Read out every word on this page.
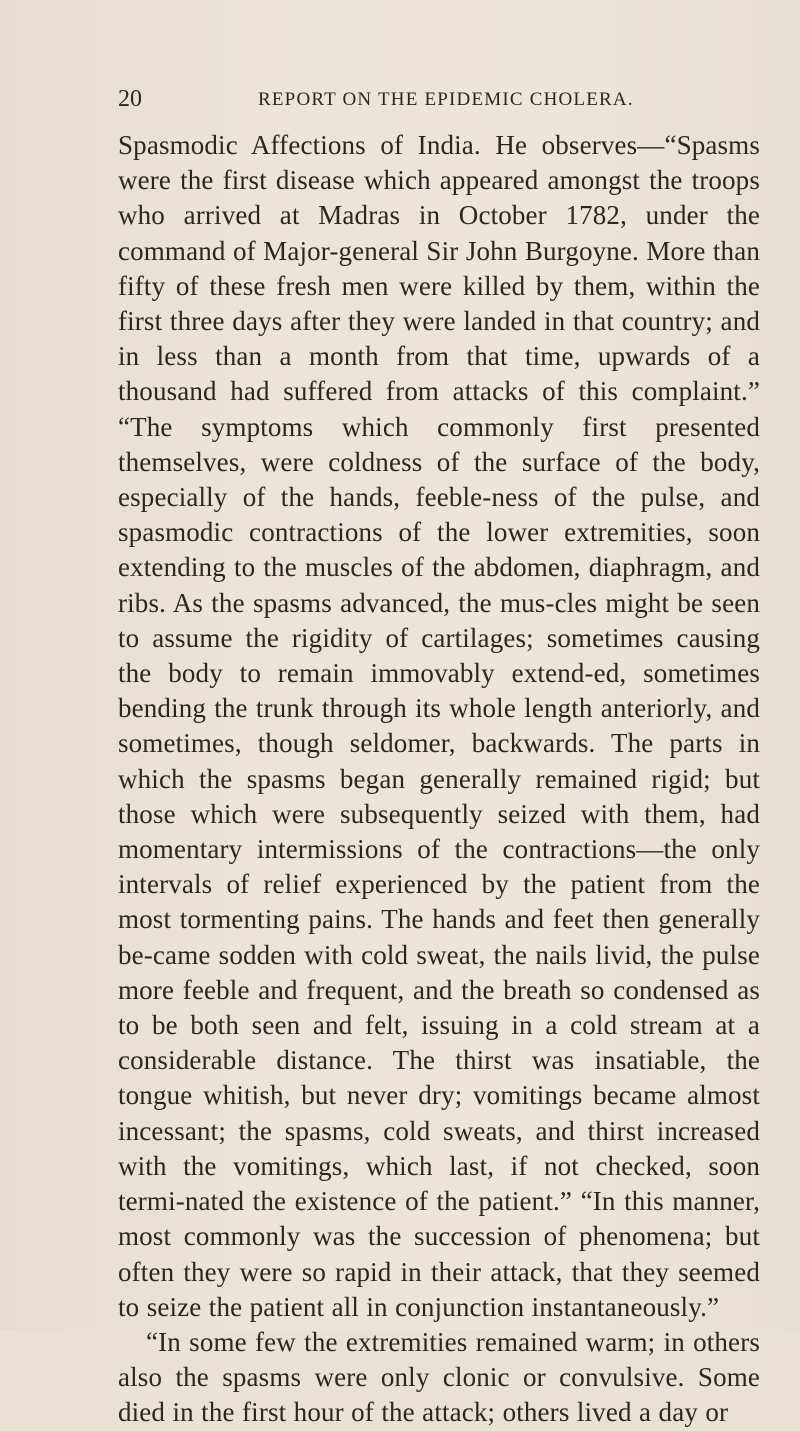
20	REPORT ON THE EPIDEMIC CHOLERA.

Spasmodic Affections of India. He observes—“Spasms were the first disease which appeared amongst the troops who arrived at Madras in October 1782, under the command of Major-general Sir John Burgoyne. More than fifty of these fresh men were killed by them, within the first three days after they were landed in that country; and in less than a month from that time, upwards of a thousand had suffered from attacks of this complaint.” “The symptoms which commonly first presented themselves, were coldness of the surface of the body, especially of the hands, feeble-ness of the pulse, and spasmodic contractions of the lower extremities, soon extending to the muscles of the abdomen, diaphragm, and ribs. As the spasms advanced, the mus-cles might be seen to assume the rigidity of cartilages; sometimes causing the body to remain immovably extend-ed, sometimes bending the trunk through its whole length anteriorly, and sometimes, though seldomer, backwards. The parts in which the spasms began generally remained rigid; but those which were subsequently seized with them, had momentary intermissions of the contractions—the only intervals of relief experienced by the patient from the most tormenting pains. The hands and feet then generally be-came sodden with cold sweat, the nails livid, the pulse more feeble and frequent, and the breath so condensed as to be both seen and felt, issuing in a cold stream at a considerable distance. The thirst was insatiable, the tongue whitish, but never dry; vomitings became almost incessant; the spasms, cold sweats, and thirst increased with the vomitings, which last, if not checked, soon termi-nated the existence of the patient.” “In this manner, most commonly was the succession of phenomena; but often they were so rapid in their attack, that they seemed to seize the patient all in conjunction instantaneously.”

“In some few the extremities remained warm; in others also the spasms were only clonic or convulsive. Some died in the first hour of the attack; others lived a day or
